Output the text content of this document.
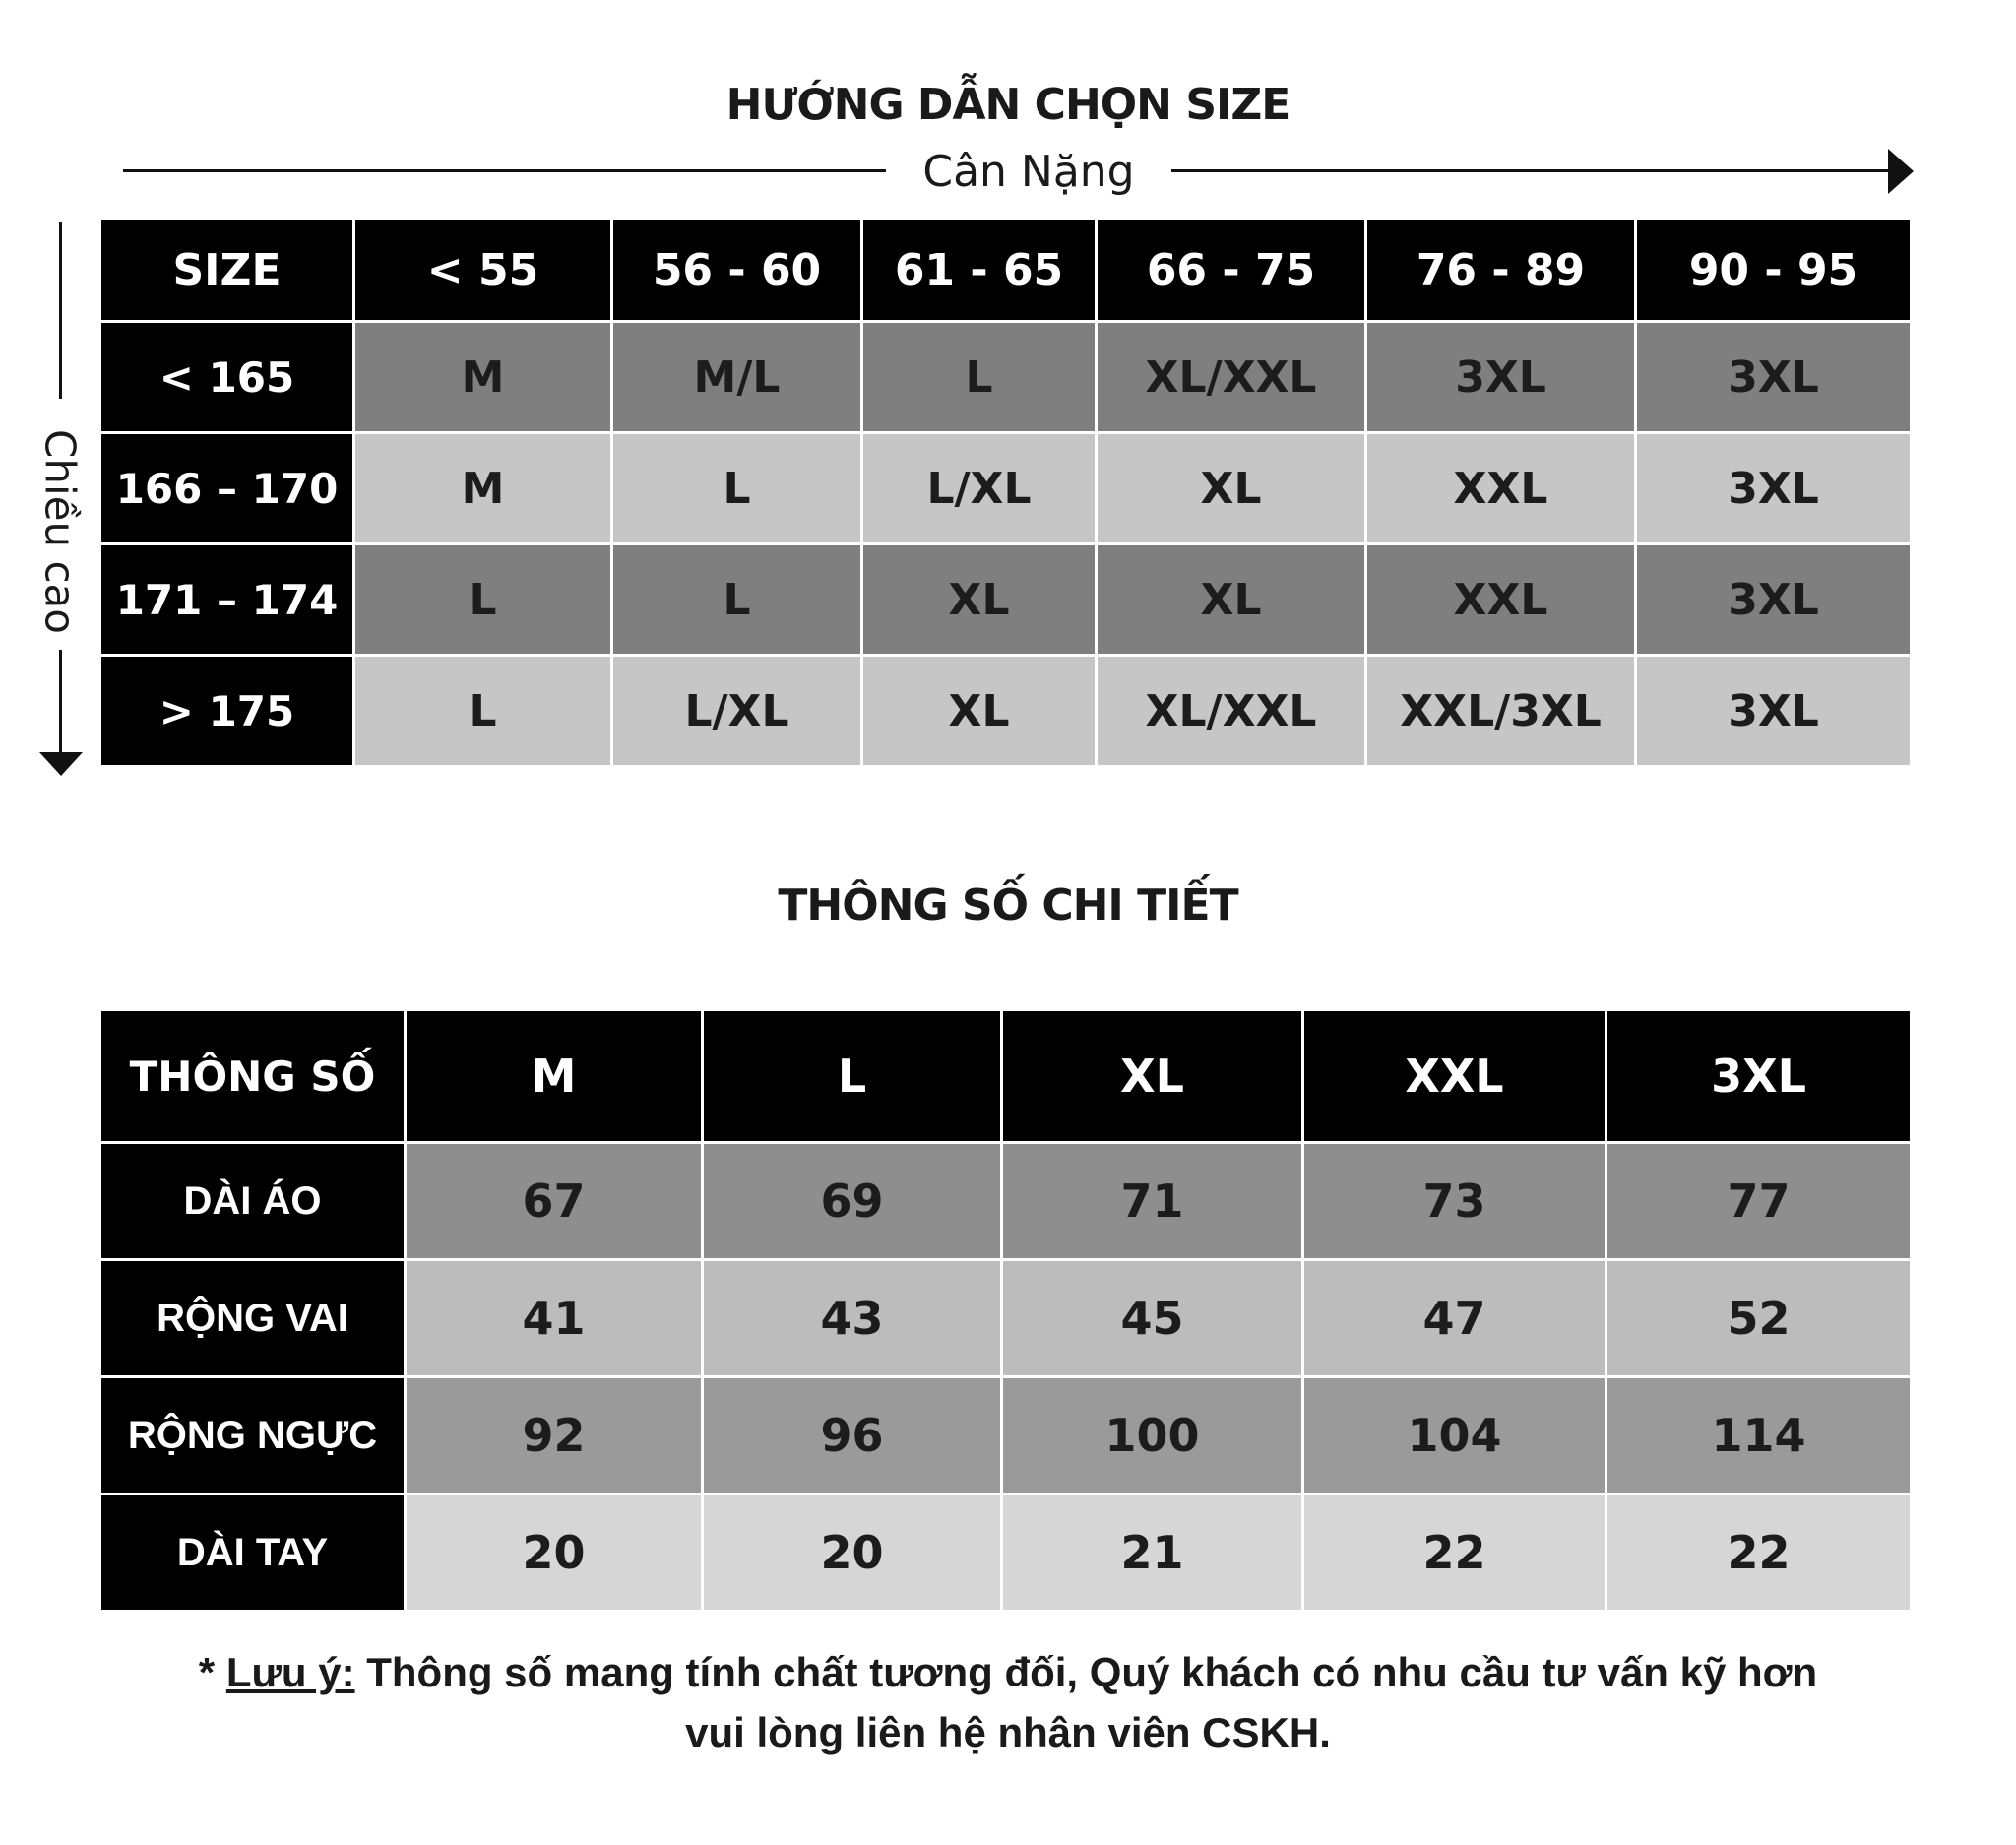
HƯỚNG DẪN CHỌN SIZE
Cân Nặng
Chiều cao
SIZE	< 55	56 - 60	61 - 65	66 - 75	76 - 89	90 - 95
< 165	M	M/L	L	XL/XXL	3XL	3XL
166 – 170	M	L	L/XL	XL	XXL	3XL
171 – 174	L	L	XL	XL	XXL	3XL
> 175	L	L/XL	XL	XL/XXL	XXL/3XL	3XL
THÔNG SỐ CHI TIẾT
THÔNG SỐ	M	L	XL	XXL	3XL
DÀI ÁO	67	69	71	73	77
RỘNG VAI	41	43	45	47	52
RỘNG NGỰC	92	96	100	104	114
DÀI TAY	20	20	21	22	22
* Lưu ý: Thông số mang tính chất tương đối, Quý khách có nhu cầu tư vấn kỹ hơn
vui lòng liên hệ nhân viên CSKH.
